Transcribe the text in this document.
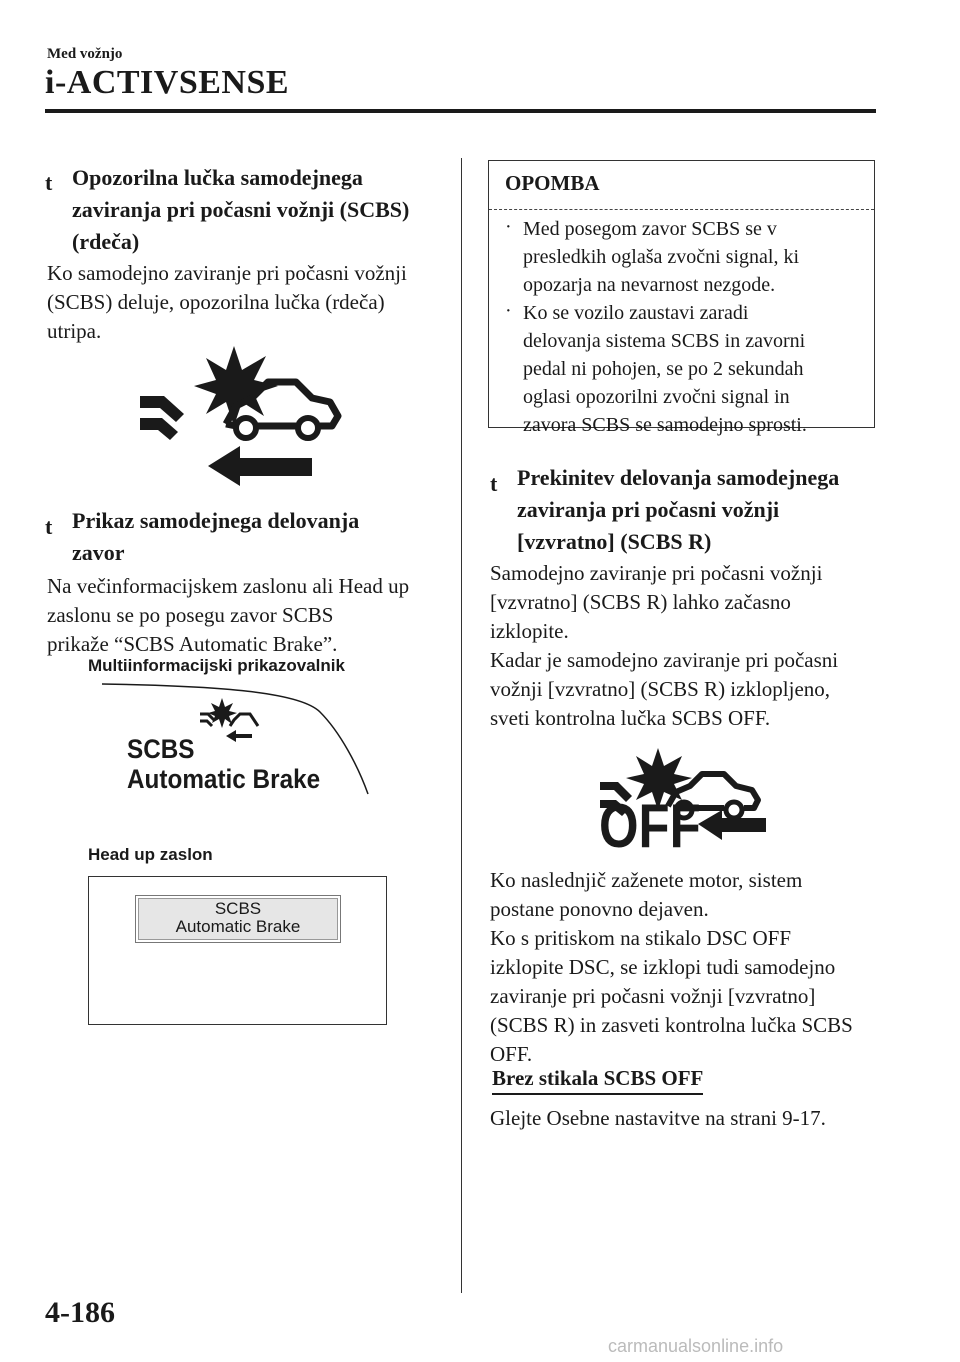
Med vožnjo
i-ACTIVSENSE
t Opozorilna lučka samodejnega
zaviranja pri počasni vožnji (SCBS)
(rdeča)
Ko samodejno zaviranje pri počasni vožnji
(SCBS) deluje, opozorilna lučka (rdeča)
utripa.
t Prikaz samodejnega delovanja
zavor
Na večinformacijskem zaslonu ali Head up
zaslonu se po posegu zavor SCBS
prikaže “SCBS Automatic Brake”.
Multiinformacijski prikazovalnik
SCBS
Automatic Brake
Head up zaslon
SCBS
Automatic Brake
OPOMBA
· Med posegom zavor SCBS se v
presledkih oglaša zvočni signal, ki
opozarja na nevarnost nezgode.
· Ko se vozilo zaustavi zaradi
delovanja sistema SCBS in zavorni
pedal ni pohojen, se po 2 sekundah
oglasi opozorilni zvočni signal in
zavora SCBS se samodejno sprosti.
t Prekinitev delovanja samodejnega
zaviranja pri počasni vožnji
[vzvratno] (SCBS R)
Samodejno zaviranje pri počasni vožnji
[vzvratno] (SCBS R) lahko začasno
izklopite.
Kadar je samodejno zaviranje pri počasni
vožnji [vzvratno] (SCBS R) izklopljeno,
sveti kontrolna lučka SCBS OFF.
OFF
Ko naslednjič zaženete motor, sistem
postane ponovno dejaven.
Ko s pritiskom na stikalo DSC OFF
izklopite DSC, se izklopi tudi samodejno
zaviranje pri počasni vožnji [vzvratno]
(SCBS R) in zasveti kontrolna lučka SCBS
OFF.
Brez stikala SCBS OFF
Glejte Osebne nastavitve na strani 9-17.
4-186
carmanualsonline.info
